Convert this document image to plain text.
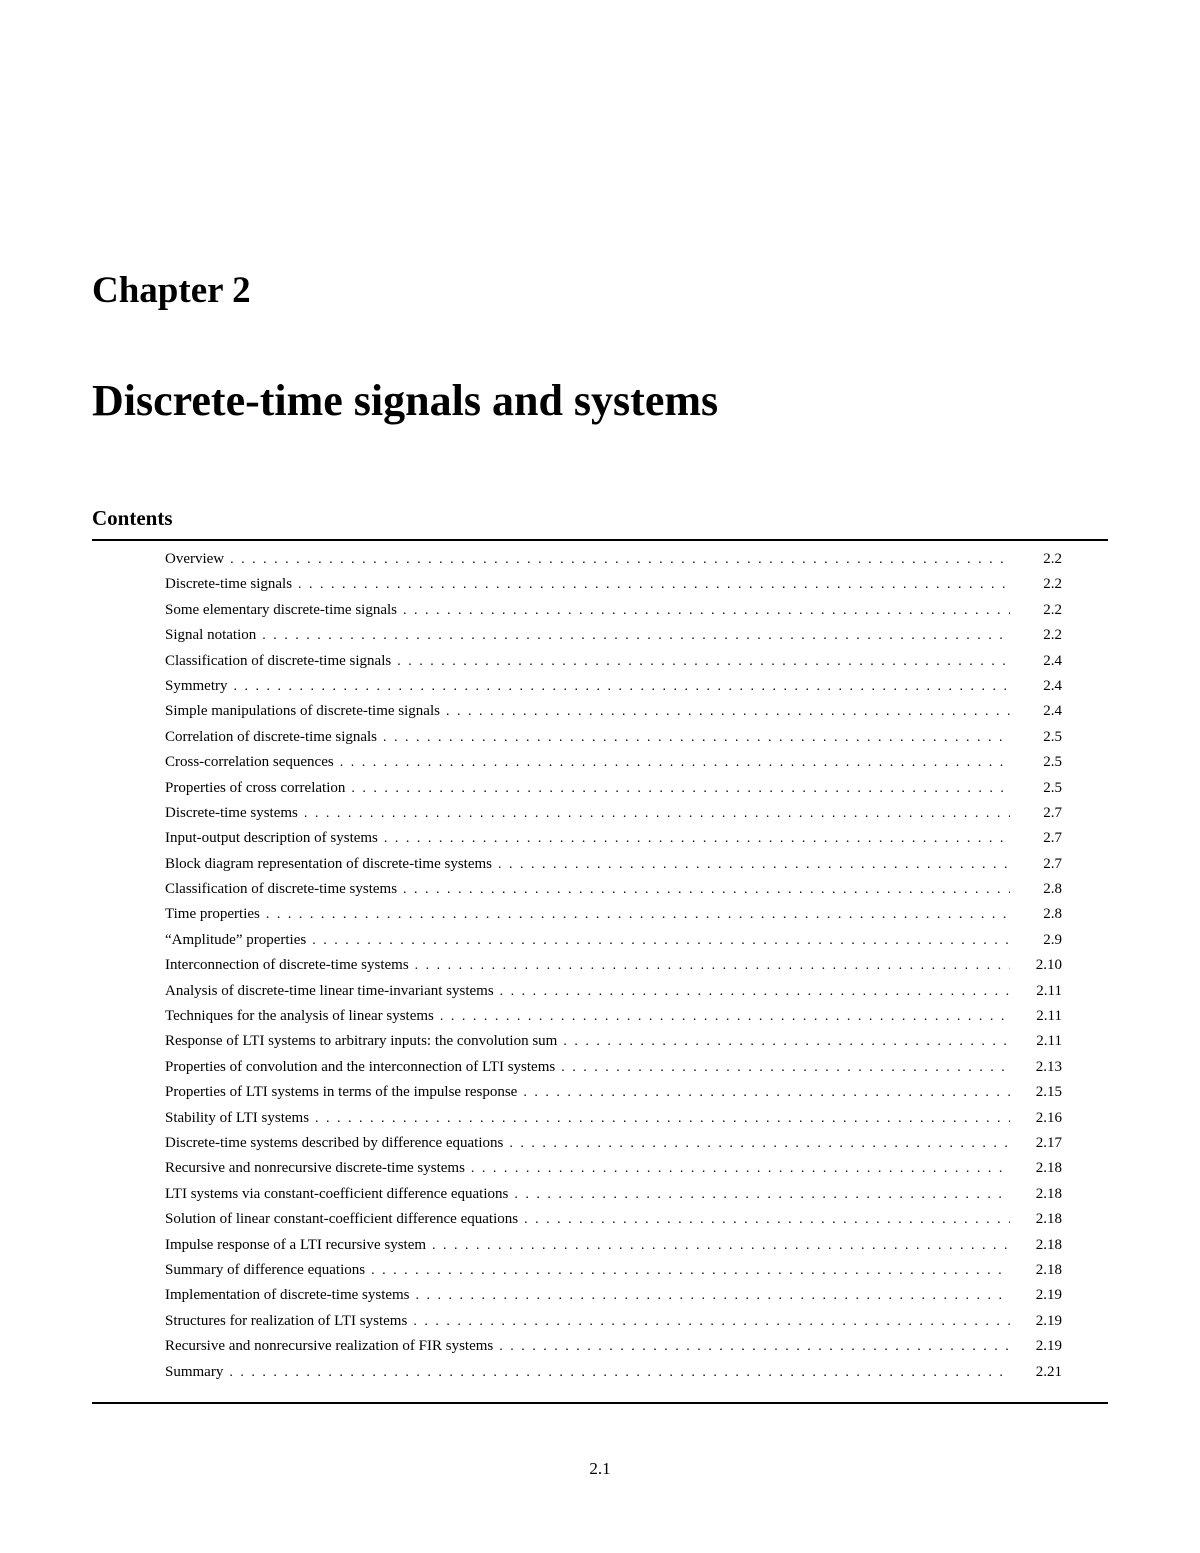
Chapter 2
Discrete-time signals and systems
Contents
Overview . . .	2.2
Discrete-time signals . . .	2.2
Some elementary discrete-time signals . . .	2.2
Signal notation . . .	2.2
Classification of discrete-time signals . . .	2.4
Symmetry . . .	2.4
Simple manipulations of discrete-time signals . . .	2.4
Correlation of discrete-time signals . . .	2.5
Cross-correlation sequences . . .	2.5
Properties of cross correlation . . .	2.5
Discrete-time systems . . .	2.7
Input-output description of systems . . .	2.7
Block diagram representation of discrete-time systems . . .	2.7
Classification of discrete-time systems . . .	2.8
Time properties . . .	2.8
“Amplitude” properties . . .	2.9
Interconnection of discrete-time systems . . .	2.10
Analysis of discrete-time linear time-invariant systems . . .	2.11
Techniques for the analysis of linear systems . . .	2.11
Response of LTI systems to arbitrary inputs: the convolution sum . . .	2.11
Properties of convolution and the interconnection of LTI systems . . .	2.13
Properties of LTI systems in terms of the impulse response . . .	2.15
Stability of LTI systems . . .	2.16
Discrete-time systems described by difference equations . . .	2.17
Recursive and nonrecursive discrete-time systems . . .	2.18
LTI systems via constant-coefficient difference equations . . .	2.18
Solution of linear constant-coefficient difference equations . . .	2.18
Impulse response of a LTI recursive system . . .	2.18
Summary of difference equations . . .	2.18
Implementation of discrete-time systems . . .	2.19
Structures for realization of LTI systems . . .	2.19
Recursive and nonrecursive realization of FIR systems . . .	2.19
Summary . . .	2.21
2.1
